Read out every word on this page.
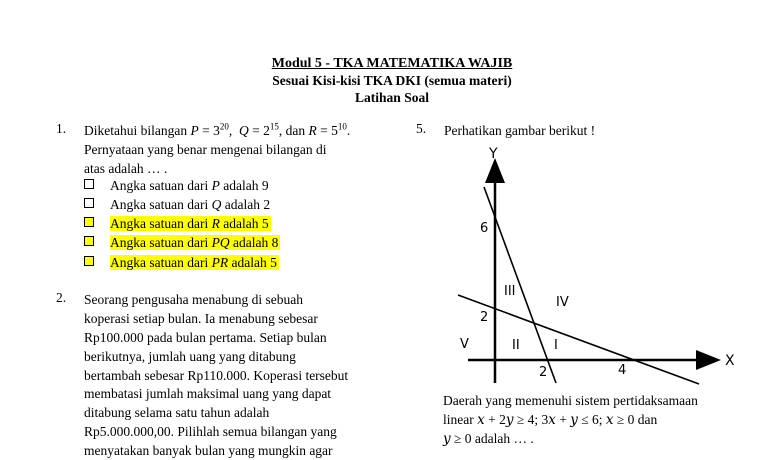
Modul 5 - TKA MATEMATIKA WAJIB
Sesuai Kisi-kisi TKA DKI (semua materi)
Latihan Soal
1. Diketahui bilangan $P = 3^{20}$,  $Q = 2^{15}$, dan $R = 5^{10}$.
Pernyataan yang benar mengenai bilangan di
atas adalah … .
Angka satuan dari P adalah 9
Angka satuan dari Q adalah 2
Angka satuan dari R adalah 5
Angka satuan dari PQ adalah 8
Angka satuan dari PR adalah 5
2. Seorang pengusaha menabung di sebuah
koperasi setiap bulan. Ia menabung sebesar
Rp100.000 pada bulan pertama. Setiap bulan
berikutnya, jumlah uang yang ditabung
bertambah sebesar Rp110.000. Koperasi tersebut
membatasi jumlah maksimal uang yang dapat
ditabung selama satu tahun adalah
Rp5.000.000,00. Pilihlah semua bilangan yang
menyatakan banyak bulan yang mungkin agar
5. Perhatikan gambar berikut !
Y
X
6
2
2	4
III
IV
V	II	I
Daerah yang memenuhi sistem pertidaksamaan
linear 𝑥 + 2𝑦 ≥ 4; 3𝑥 + 𝑦 ≤ 6; 𝑥 ≥ 0 dan
𝑦 ≥ 0 adalah … .
